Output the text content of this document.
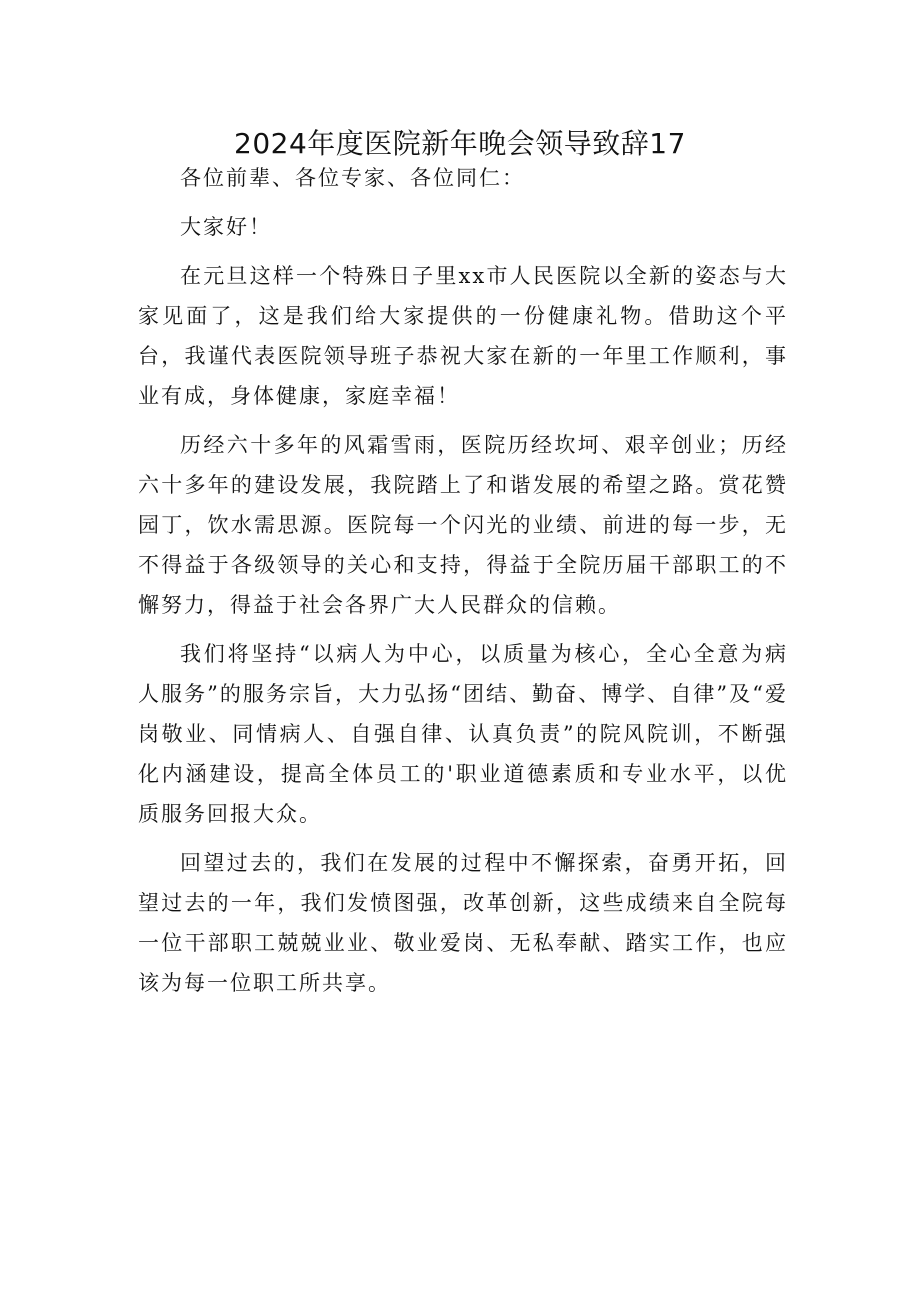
2024年度医院新年晚会领导致辞17

各位前辈、各位专家、各位同仁：

大家好！

在元旦这样一个特殊日子里xx市人民医院以全新的姿态与大家见面了，这是我们给大家提供的一份健康礼物。借助这个平台，我谨代表医院领导班子恭祝大家在新的一年里工作顺利，事业有成，身体健康，家庭幸福！

历经六十多年的风霜雪雨，医院历经坎坷、艰辛创业；历经六十多年的建设发展，我院踏上了和谐发展的希望之路。赏花赞园丁，饮水需思源。医院每一个闪光的业绩、前进的每一步，无不得益于各级领导的关心和支持，得益于全院历届干部职工的不懈努力，得益于社会各界广大人民群众的信赖。

我们将坚持“以病人为中心，以质量为核心，全心全意为病人服务”的服务宗旨，大力弘扬“团结、勤奋、博学、自律”及“爱岗敬业、同情病人、自强自律、认真负责”的院风院训，不断强化内涵建设，提高全体员工的'职业道德素质和专业水平，以优质服务回报大众。

回望过去的，我们在发展的过程中不懈探索，奋勇开拓，回望过去的一年，我们发愤图强，改革创新，这些成绩来自全院每一位干部职工兢兢业业、敬业爱岗、无私奉献、踏实工作，也应该为每一位职工所共享。
